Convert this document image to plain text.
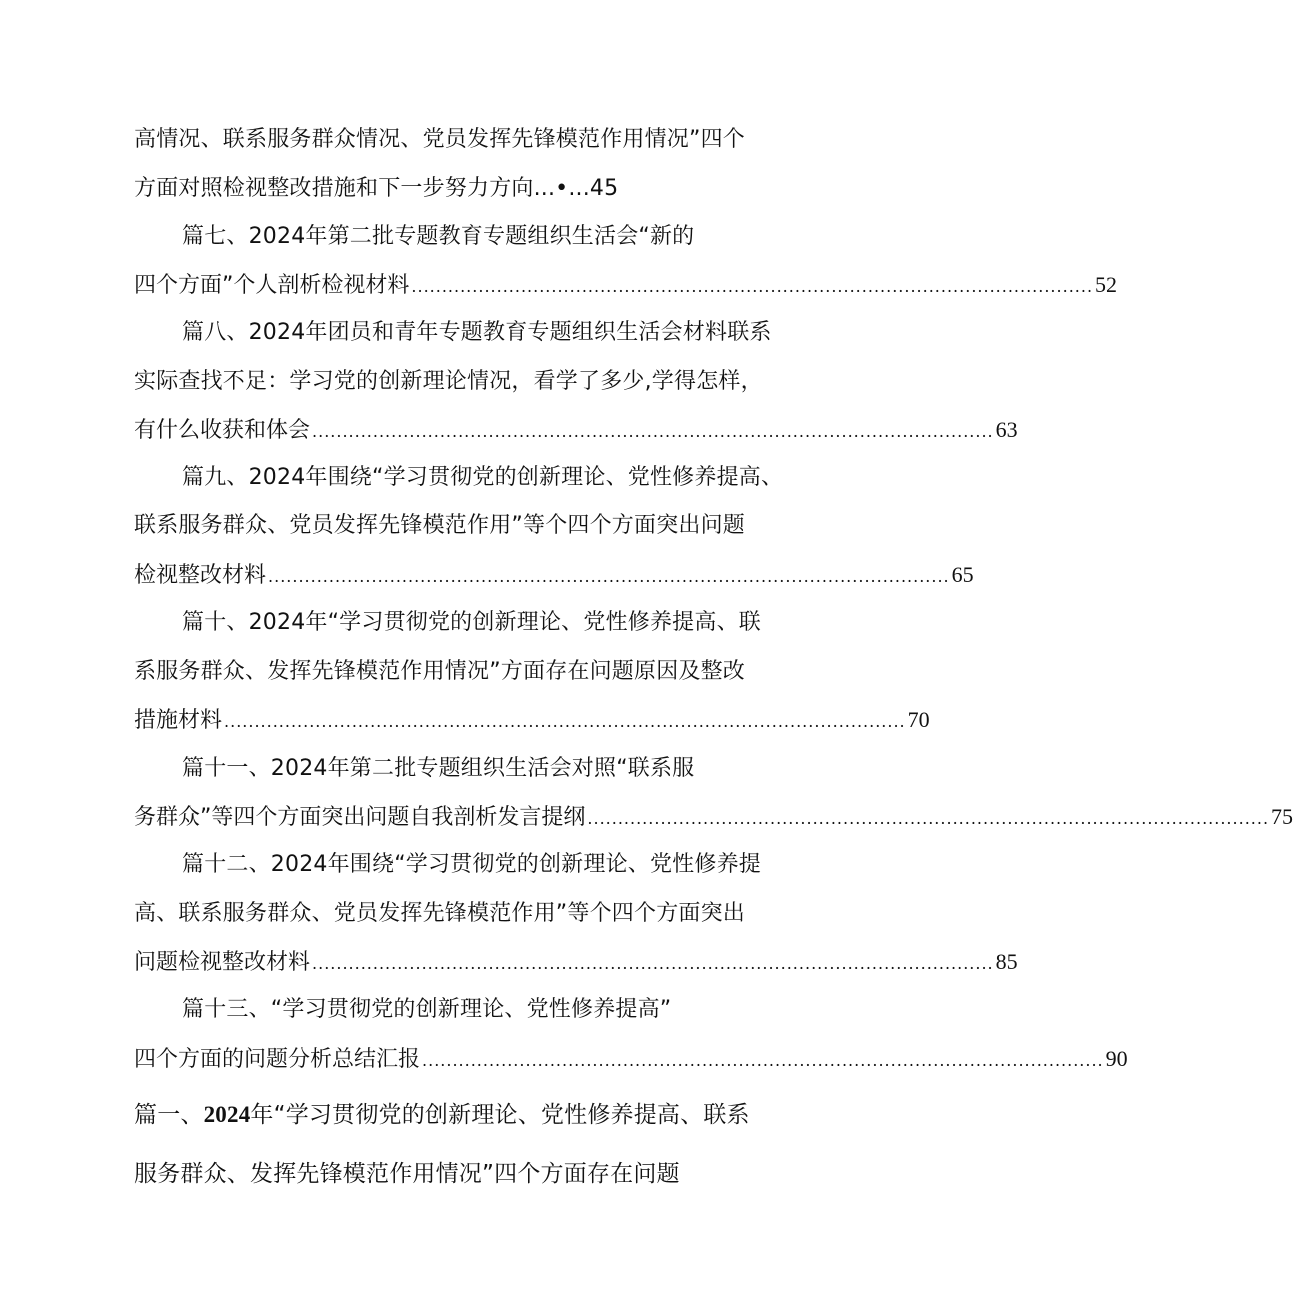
高情况、联系服务群众情况、党员发挥先锋模范作用情况”四个
方面对照检视整改措施和下一步努力方向...•...45
篇七、2024年第二批专题教育专题组织生活会“新的
四个方面”个人剖析检视材料 ................................................................................................................ 52
篇八、2024年团员和青年专题教育专题组织生活会材料联系
实际查找不足：学习党的创新理论情况，看学了多少,学得怎样，
有什么收获和体会 ................................................................................................................ 63
篇九、2024年围绕“学习贯彻党的创新理论、党性修养提高、
联系服务群众、党员发挥先锋模范作用”等个四个方面突出问题
检视整改材料 ................................................................................................................ 65
篇十、2024年“学习贯彻党的创新理论、党性修养提高、联
系服务群众、发挥先锋模范作用情况”方面存在问题原因及整改
措施材料 ................................................................................................................ 70
篇十一、2024年第二批专题组织生活会对照“联系服
务群众”等四个方面突出问题自我剖析发言提纲 ................................................................................................................ 75
篇十二、2024年围绕“学习贯彻党的创新理论、党性修养提
高、联系服务群众、党员发挥先锋模范作用”等个四个方面突出
问题检视整改材料 ................................................................................................................ 85
篇十三、“学习贯彻党的创新理论、党性修养提高”
四个方面的问题分析总结汇报 ................................................................................................................ 90
篇一、2024年“学习贯彻党的创新理论、党性修养提高、联系
服务群众、发挥先锋模范作用情况”四个方面存在问题
